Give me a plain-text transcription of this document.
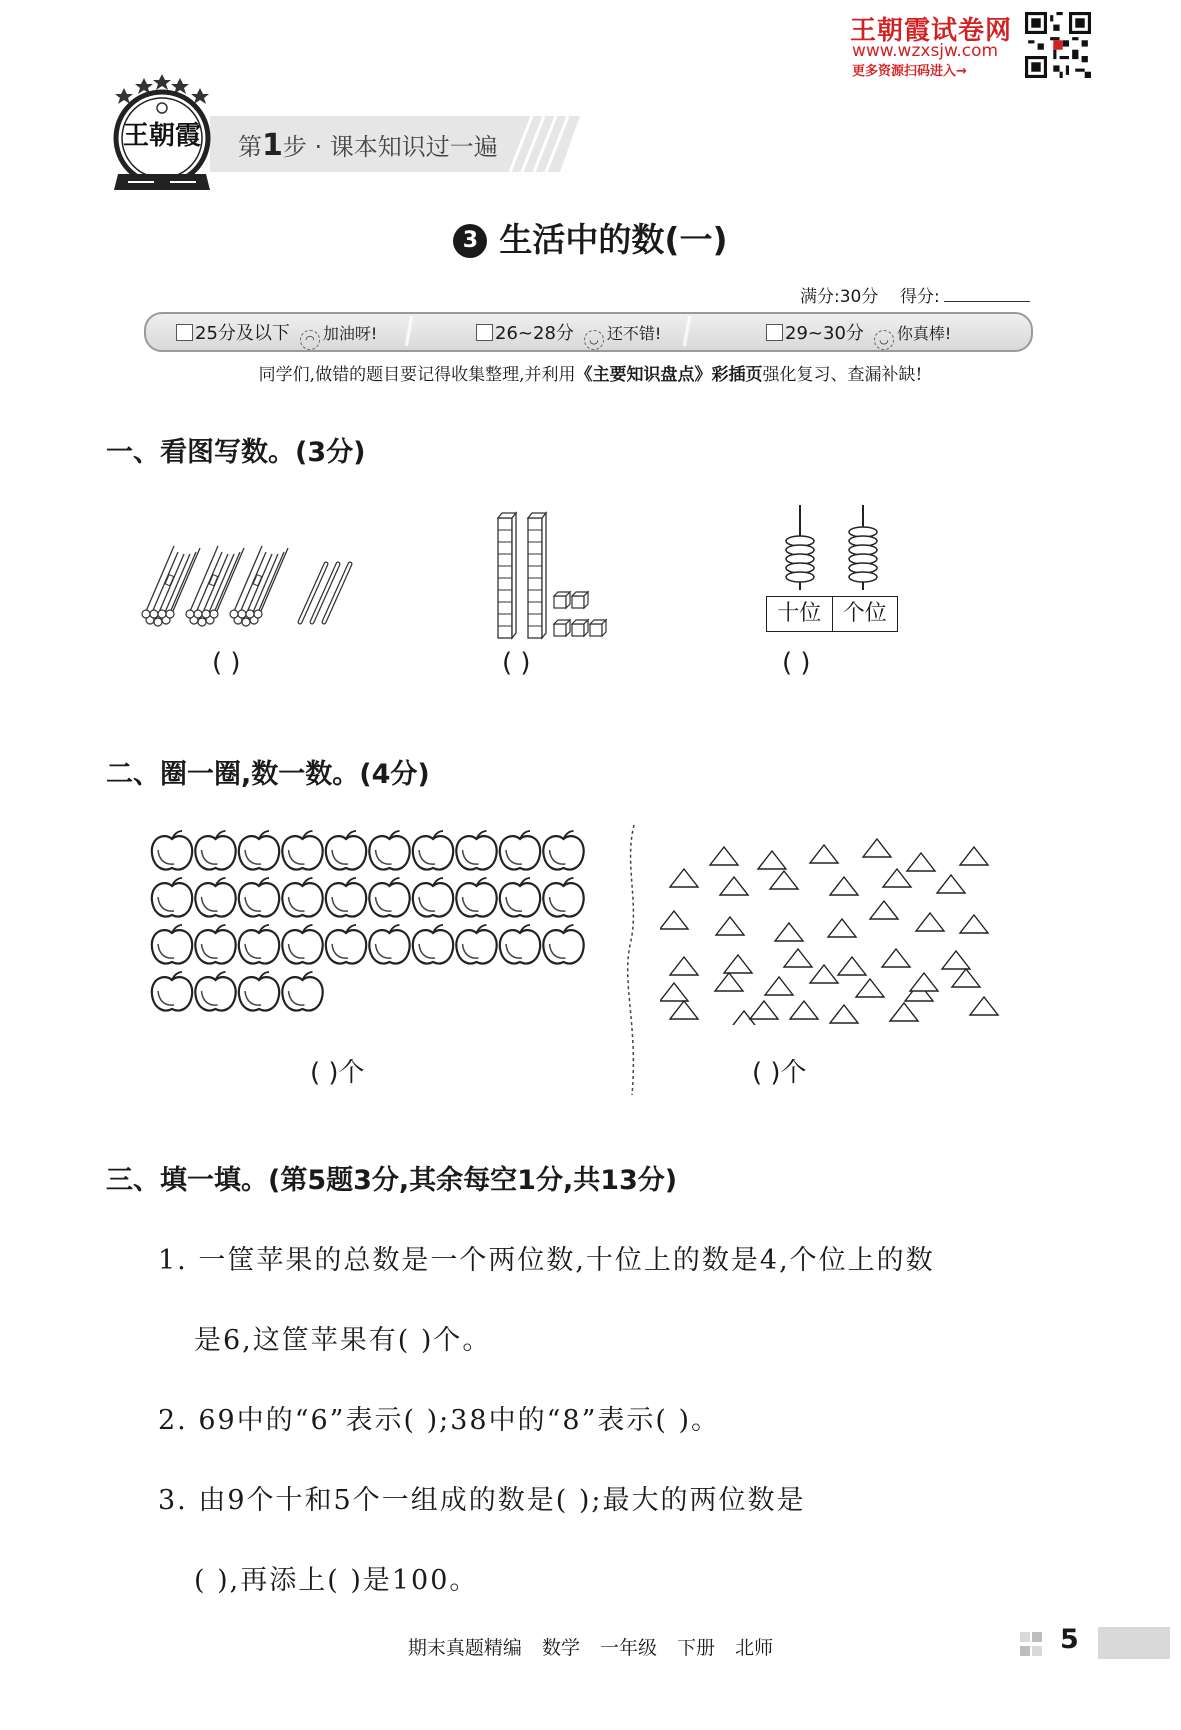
王朝霞试卷网
www.wzxsjw.com
更多资源扫码进入→
第1步 · 课本知识过一遍
王朝霞
3 生活中的数(一)
满分:30分 得分:
25分及以下 ◠ 加油呀!	26~28分 ◡ 还不错!	29~30分 ◡ 你真棒!
同学们,做错的题目要记得收集整理,并利用《主要知识盘点》彩插页强化复习、查漏补缺!
一、看图写数。(3分)
十位 个位
( )	( )	( )
二、圈一圈,数一数。(4分)
( )个	( )个
三、填一填。(第5题3分,其余每空1分,共13分)
1. 一筐苹果的总数是一个两位数,十位上的数是4,个位上的数
是6,这筐苹果有( )个。
2. 69中的“6”表示( );38中的“8”表示( )。
3. 由9个十和5个一组成的数是( );最大的两位数是
( ),再添上( )是100。
期末真题精编 数学 一年级 下册 北师	5
